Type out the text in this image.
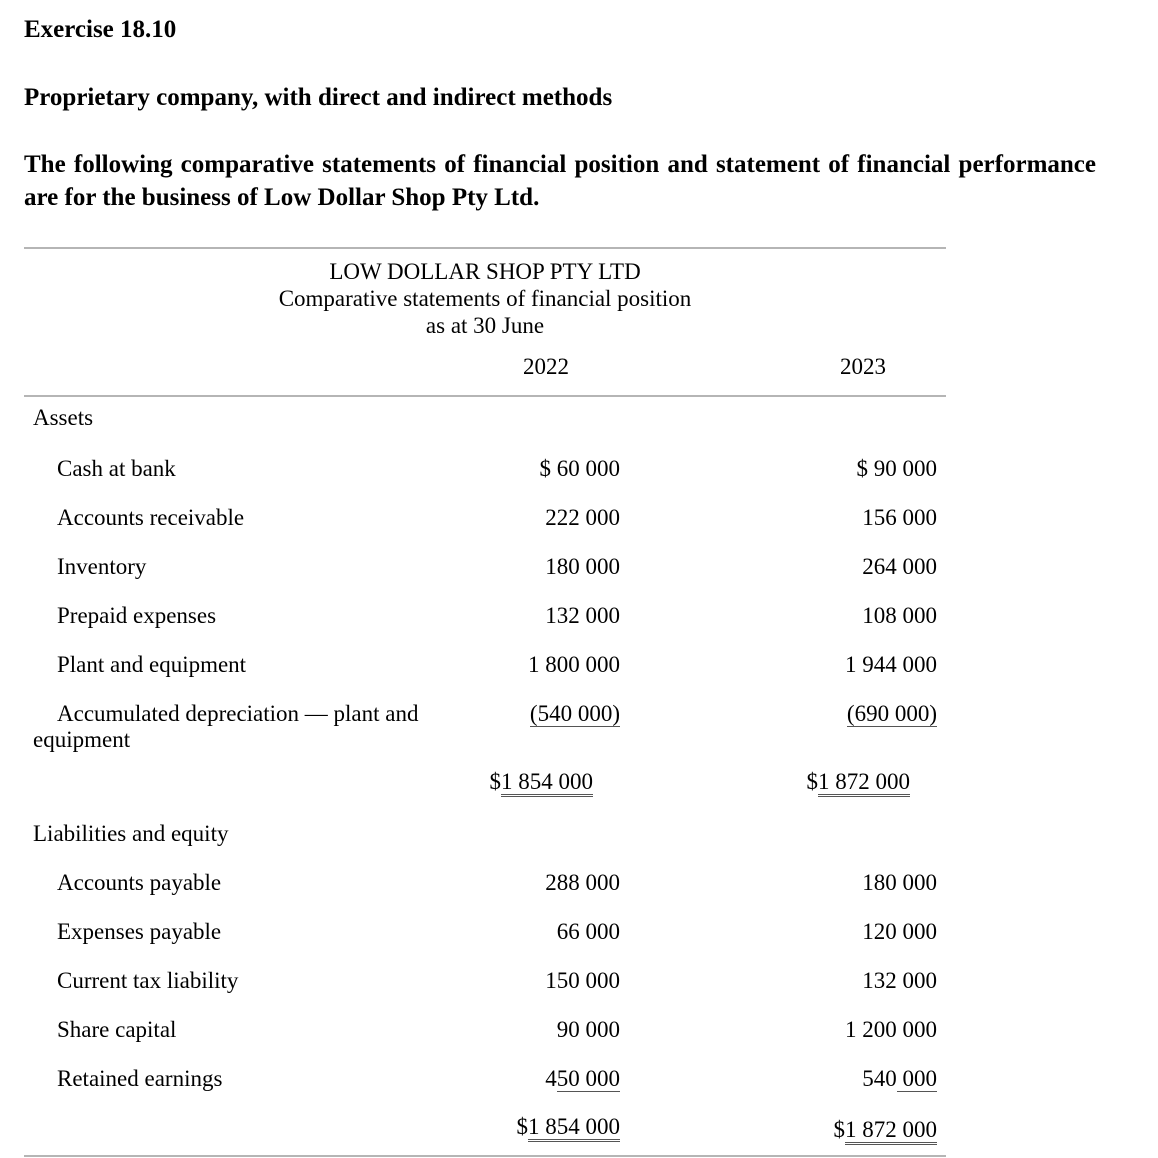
Exercise 18.10
Proprietary company, with direct and indirect methods
The following comparative statements of financial position and statement of financial performance are for the business of Low Dollar Shop Pty Ltd.
LOW DOLLAR SHOP PTY LTD
Comparative statements of financial position
as at 30 June
2022	2023
Assets
Cash at bank	$ 60 000	$ 90 000
Accounts receivable	222 000	156 000
Inventory	180 000	264 000
Prepaid expenses	132 000	108 000
Plant and equipment	1 800 000	1 944 000
Accumulated depreciation — plant and
equipment
(540 000)	(690 000)
$1 854 000	$1 872 000
Liabilities and equity
Accounts payable	288 000	180 000
Expenses payable	66 000	120 000
Current tax liability	150 000	132 000
Share capital	90 000	1 200 000
Retained earnings	450 000	540 000
$1 854 000	$1 872 000
